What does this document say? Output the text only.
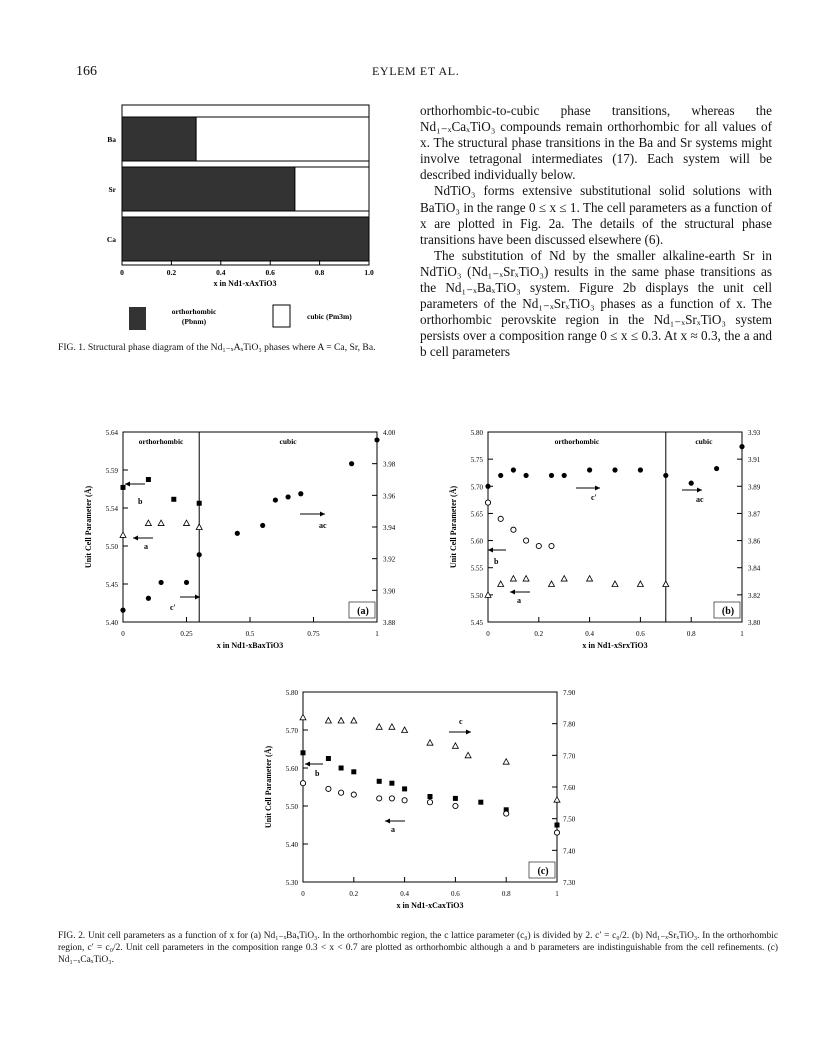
166	EYLEM ET AL.

orthorhombic-to-cubic phase transitions, whereas the Nd₁₋ₓCaₓTiO₃ compounds remain orthorhombic for all values of x. The structural phase transitions in the Ba and Sr systems might involve tetragonal intermediates (17). Each system will be described individually below.

NdTiO₃ forms extensive substitutional solid solutions with BaTiO₃ in the range 0 ≤ x ≤ 1. The cell parameters as a function of x are plotted in Fig. 2a. The details of the structural phase transitions have been discussed elsewhere (6).

The substitution of Nd by the smaller alkaline-earth Sr in NdTiO₃ (Nd₁₋ₓSrₓTiO₃) results in the same phase transitions as the Nd₁₋ₓBaₓTiO₃ system. Figure 2b displays the unit cell parameters of the Nd₁₋ₓSrₓTiO₃ phases as a function of x. The orthorhombic perovskite region in the Nd₁₋ₓSrₓTiO₃ system persists over a composition range 0 ≤ x ≤ 0.3. At x ≈ 0.3, the a and b cell parameters

Ba
Sr
Ca
0	0.2	0.4	0.6	0.8	1.0
x in Nd1-xAxTiO3
orthorhombic
(Pbnm)
cubic (Pm3m)
FIG. 1. Structural phase diagram of the Nd₁₋ₓAₓTiO₃ phases where A = Ca, Sr, Ba.
5.40
5.45
5.50
5.54
5.59
5.64
3.88
3.90
3.92
3.94
3.96
3.98
4.00
0	0.25	0.5	0.75	1
x in Nd1-xBaxTiO3
Unit Cell Parameter (Å)
orthorhombic	cubic
(a)
b
a
c'
ac
5.45
5.50
5.55
5.60
5.65
5.70
5.75
5.80
3.80
3.82
3.84
3.86
3.87
3.89
3.91
3.93
0	0.2	0.4	0.6	0.8	1
x in Nd1-xSrxTiO3
Unit Cell Parameter (Å)
orthorhombic	cubic
(b)
b
a
c'	ac
5.30
5.40
5.50
5.60
5.70
5.80
7.30
7.40
7.50
7.60
7.70
7.80
7.90
0	0.2	0.4	0.6	0.8	1
x in Nd1-xCaxTiO3
Unit Cell Parameter (Å)
(c)
b
a
c
FIG. 2. Unit cell parameters as a function of x for (a) Nd₁₋ₓBaₓTiO₃. In the orthorhombic region, the c lattice parameter (c₀) is divided by 2. c′ = c₀/2. (b) Nd₁₋ₓSrₓTiO₃. In the orthorhombic region, c′ = c₀/2. Unit cell parameters in the composition range 0.3 < x < 0.7 are plotted as orthorhombic although a and b parameters are indistinguishable from the cell refinements. (c) Nd₁₋ₓCaₓTiO₃.
